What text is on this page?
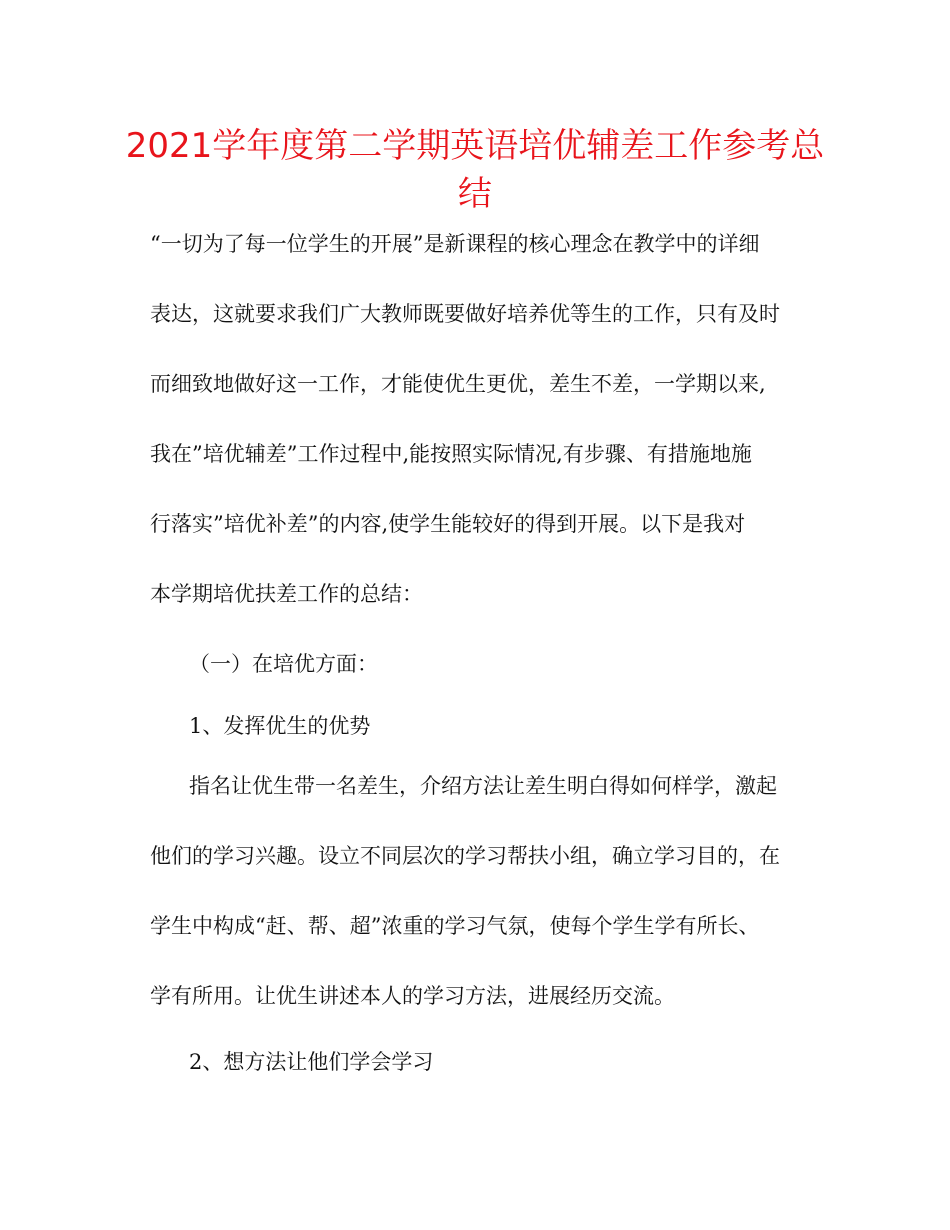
2021学年度第二学期英语培优辅差工作参考总
结
“一切为了每一位学生的开展”是新课程的核心理念在教学中的详细
表达，这就要求我们广大教师既要做好培养优等生的工作，只有及时
而细致地做好这一工作，才能使优生更优，差生不差，一学期以来,
我在”培优辅差”工作过程中,能按照实际情况,有步骤、有措施地施
行落实”培优补差”的内容,使学生能较好的得到开展。以下是我对
本学期培优扶差工作的总结：
（一）在培优方面：
1、发挥优生的优势
指名让优生带一名差生，介绍方法让差生明白得如何样学，激起
他们的学习兴趣。设立不同层次的学习帮扶小组，确立学习目的，在
学生中构成“赶、帮、超”浓重的学习气氛，使每个学生学有所长、
学有所用。让优生讲述本人的学习方法，进展经历交流。
2、想方法让他们学会学习
